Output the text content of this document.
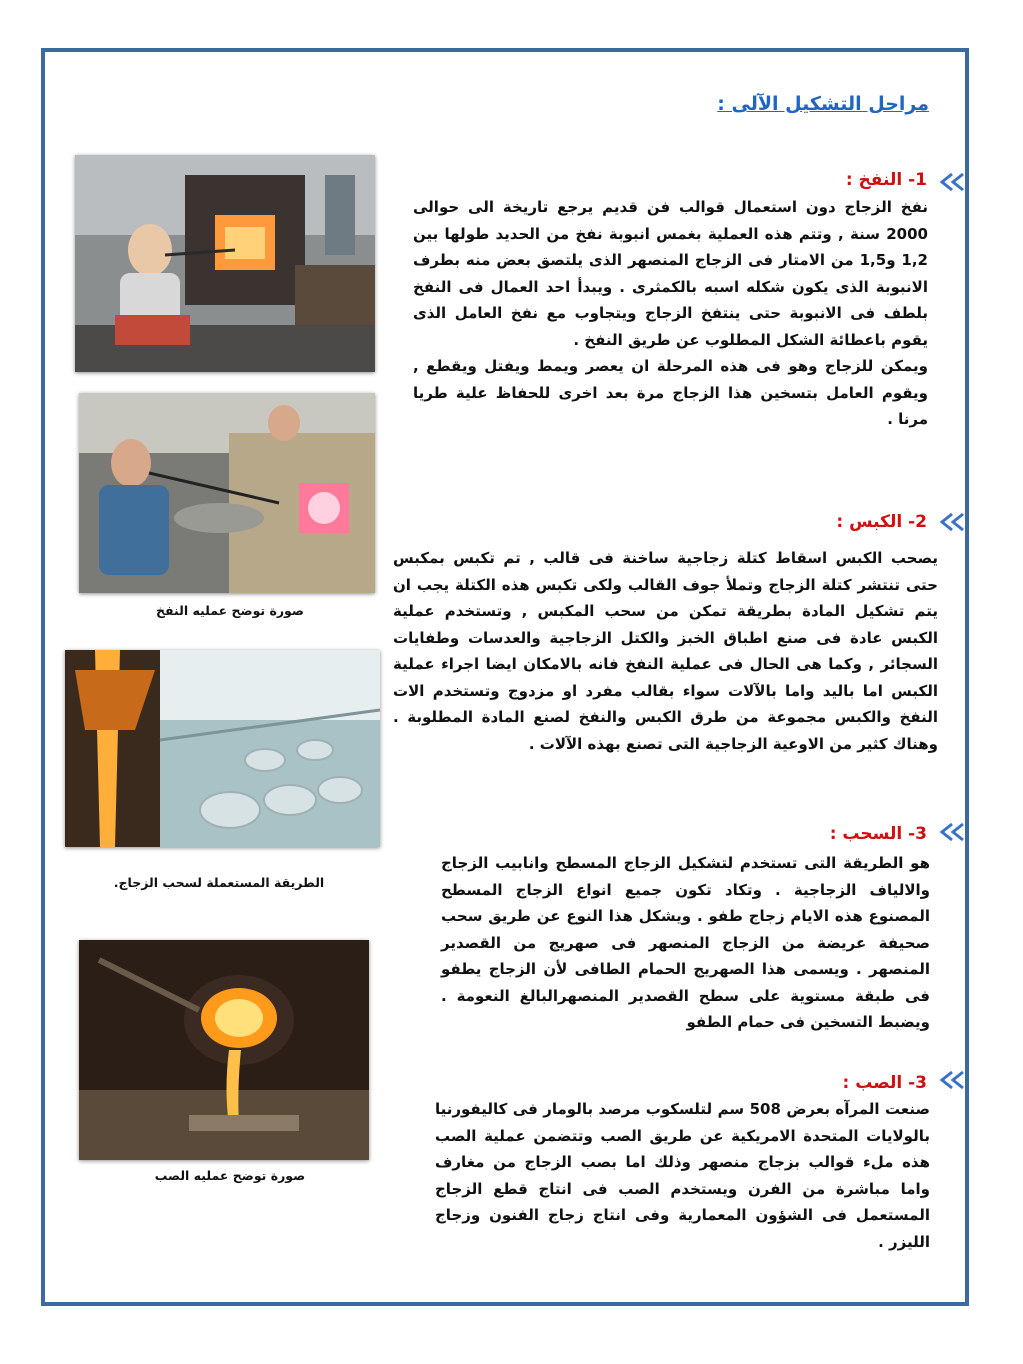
مراحل التشكيل الآلى :
1- النفخ :
نفخ الزجاج دون استعمال قوالب فن قديم يرجع تاريخة الى حوالى 2000 سنة , وتتم هذه العملية بغمس انبوبة نفخ من الحديد طولها بين 1,2 و1,5 من الامتار فى الزجاج المنصهر الذى يلتصق بعض منه بطرف الانبوبة الذى يكون شكله اسبه بالكمثرى . ويبدأ احد العمال فى النفخ بلطف فى الانبوبة حتى ينتفخ الزجاج ويتجاوب مع نفخ العامل الذى يقوم باعطائة الشكل المطلوب عن طريق النفخ .
ويمكن للزجاج وهو فى هذه المرحلة ان يعصر ويمط ويفتل ويقطع , ويقوم العامل بتسخين هذا الزجاج مرة بعد اخرى للحفاظ علية طريا مرنا .
2- الكبس :
يصحب الكبس اسقاط كتلة زجاجية ساخنة فى قالب , تم تكبس بمكبس حتى تنتشر كتلة الزجاج وتملأ جوف القالب ولكى تكبس هذه الكتلة يجب ان يتم تشكيل المادة بطريقة تمكن من سحب المكبس , وتستخدم عملية الكبس عادة فى صنع اطباق الخبز والكتل الزجاجية والعدسات وطفايات السجائر , وكما هى الحال فى عملية النفخ فانه بالامكان ايضا اجراء عملية الكبس اما باليد واما بالآلات سواء بقالب مفرد او مزدوج وتستخدم الات النفخ والكبس مجموعة من طرق الكبس والنفخ لصنع المادة المطلوبة . وهناك كثير من الاوعية الزجاجية التى تصنع بهذه الآلات .
3- السحب :
هو الطريقة التى تستخدم لتشكيل الزجاج المسطح وانابيب الزجاج والالياف الزجاجية . وتكاد تكون جميع انواع الزجاج المسطح المصنوع هذه الايام زجاج طفو . ويشكل هذا النوع عن طريق سحب صحيفة عريضة من الزجاج المنصهر فى صهريج من القصدير المنصهر . ويسمى هذا الصهريج الحمام الطافى لأن الزجاج يطفو فى طبقة مستوية على سطح القصدير المنصهرالبالغ النعومة . ويضبط التسخين فى حمام الطفو
3- الصب :
صنعت المرآه بعرض 508 سم لتلسكوب مرصد بالومار فى كاليفورنيا بالولايات المتحدة الامريكية عن طريق الصب وتتضمن عملية الصب هذه ملء قوالب بزجاج منصهر وذلك اما بصب الزجاج من مغارف واما مباشرة من الفرن ويستخدم الصب فى انتاج قطع الزجاج المستعمل فى الشؤون المعمارية وفى انتاج زجاج الفنون وزجاج الليزر .
صورة توضح عمليه النفخ
الطريقة المستعملة لسحب الزجاج.
صورة توضح عمليه الصب
